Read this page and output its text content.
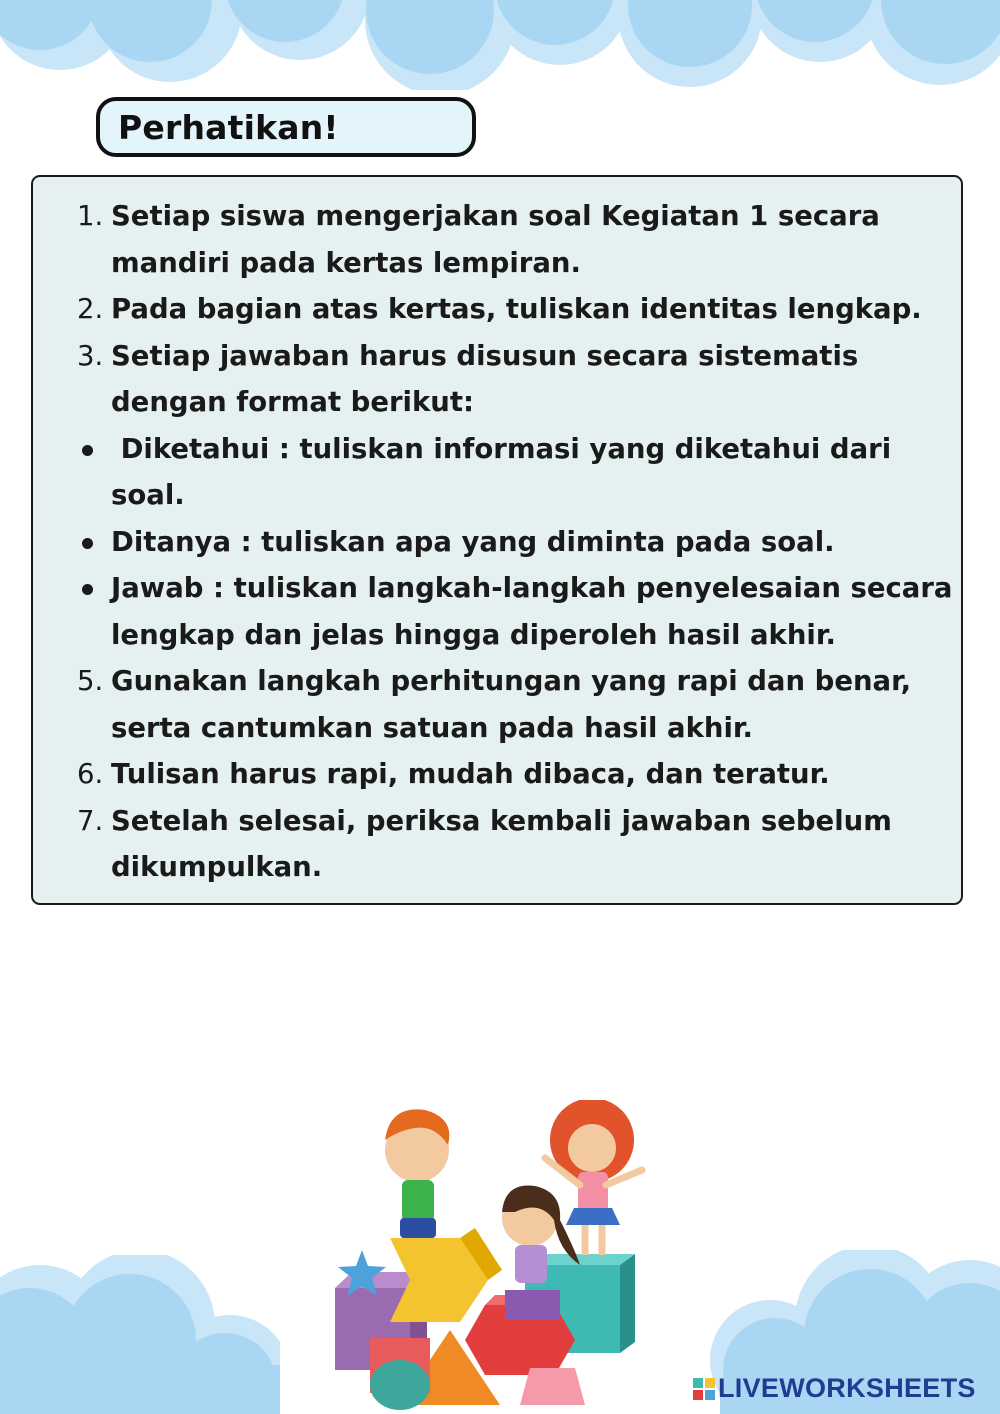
Perhatikan!
1. Setiap siswa mengerjakan soal Kegiatan 1 secara mandiri pada kertas lempiran.
2. Pada bagian atas kertas, tuliskan identitas lengkap.
3. Setiap jawaban harus disusun secara sistematis dengan format berikut:
Diketahui : tuliskan informasi yang diketahui dari soal.
Ditanya : tuliskan apa yang diminta pada soal.
Jawab : tuliskan langkah-langkah penyelesaian secara lengkap dan jelas hingga diperoleh hasil akhir.
5. Gunakan langkah perhitungan yang rapi dan benar, serta cantumkan satuan pada hasil akhir.
6. Tulisan harus rapi, mudah dibaca, dan teratur.
7. Setelah selesai, periksa kembali jawaban sebelum dikumpulkan.
LIVEWORKSHEETS
